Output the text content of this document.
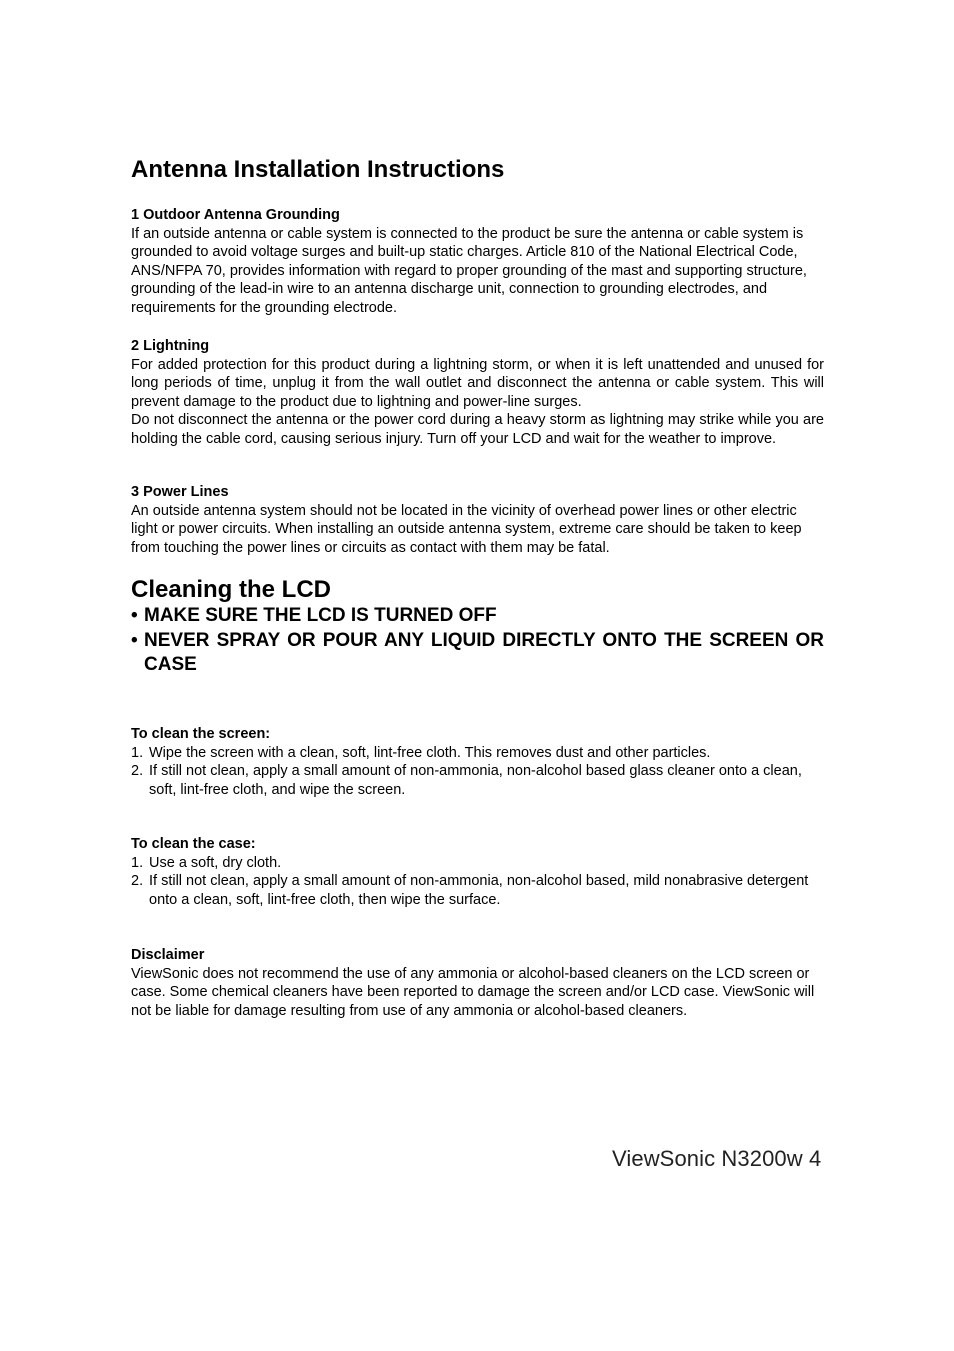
Antenna Installation Instructions
1 Outdoor Antenna Grounding
If an outside antenna or cable system is connected to the product be sure the antenna or cable system is grounded to avoid voltage surges and built-up static charges. Article 810 of the National Electrical Code, ANS/NFPA 70, provides information with regard to proper grounding of the mast and supporting structure, grounding of the lead-in wire to an antenna discharge unit, connection to grounding electrodes, and requirements for the grounding electrode.
2 Lightning
For added protection for this product during a lightning storm, or when it is left unattended and unused for long periods of time, unplug it from the wall outlet and disconnect the antenna or cable system. This will prevent damage to the product due to lightning and power-line surges.
Do not disconnect the antenna or the power cord during a heavy storm as lightning may strike while you are holding the cable cord, causing serious injury. Turn off your LCD and wait for the weather to improve.
3 Power Lines
An outside antenna system should not be located in the vicinity of overhead power lines or other electric light or power circuits. When installing an outside antenna system, extreme care should be taken to keep from touching the power lines or circuits as contact with them may be fatal.
Cleaning the LCD
• MAKE SURE THE LCD IS TURNED OFF
• NEVER SPRAY OR POUR ANY LIQUID DIRECTLY ONTO THE SCREEN OR CASE
To clean the screen:
1. Wipe the screen with a clean, soft, lint-free cloth. This removes dust and other particles.
2. If still not clean, apply a small amount of non-ammonia, non-alcohol based glass cleaner onto a clean, soft, lint-free cloth, and wipe the screen.
To clean the case:
1. Use a soft, dry cloth.
2. If still not clean, apply a small amount of non-ammonia, non-alcohol based, mild nonabrasive detergent onto a clean, soft, lint-free cloth, then wipe the surface.
Disclaimer
ViewSonic does not recommend the use of any ammonia or alcohol-based cleaners on the LCD screen or case. Some chemical cleaners have been reported to damage the screen and/or LCD case. ViewSonic will not be liable for damage resulting from use of any ammonia or alcohol-based cleaners.
ViewSonic N3200w 4
